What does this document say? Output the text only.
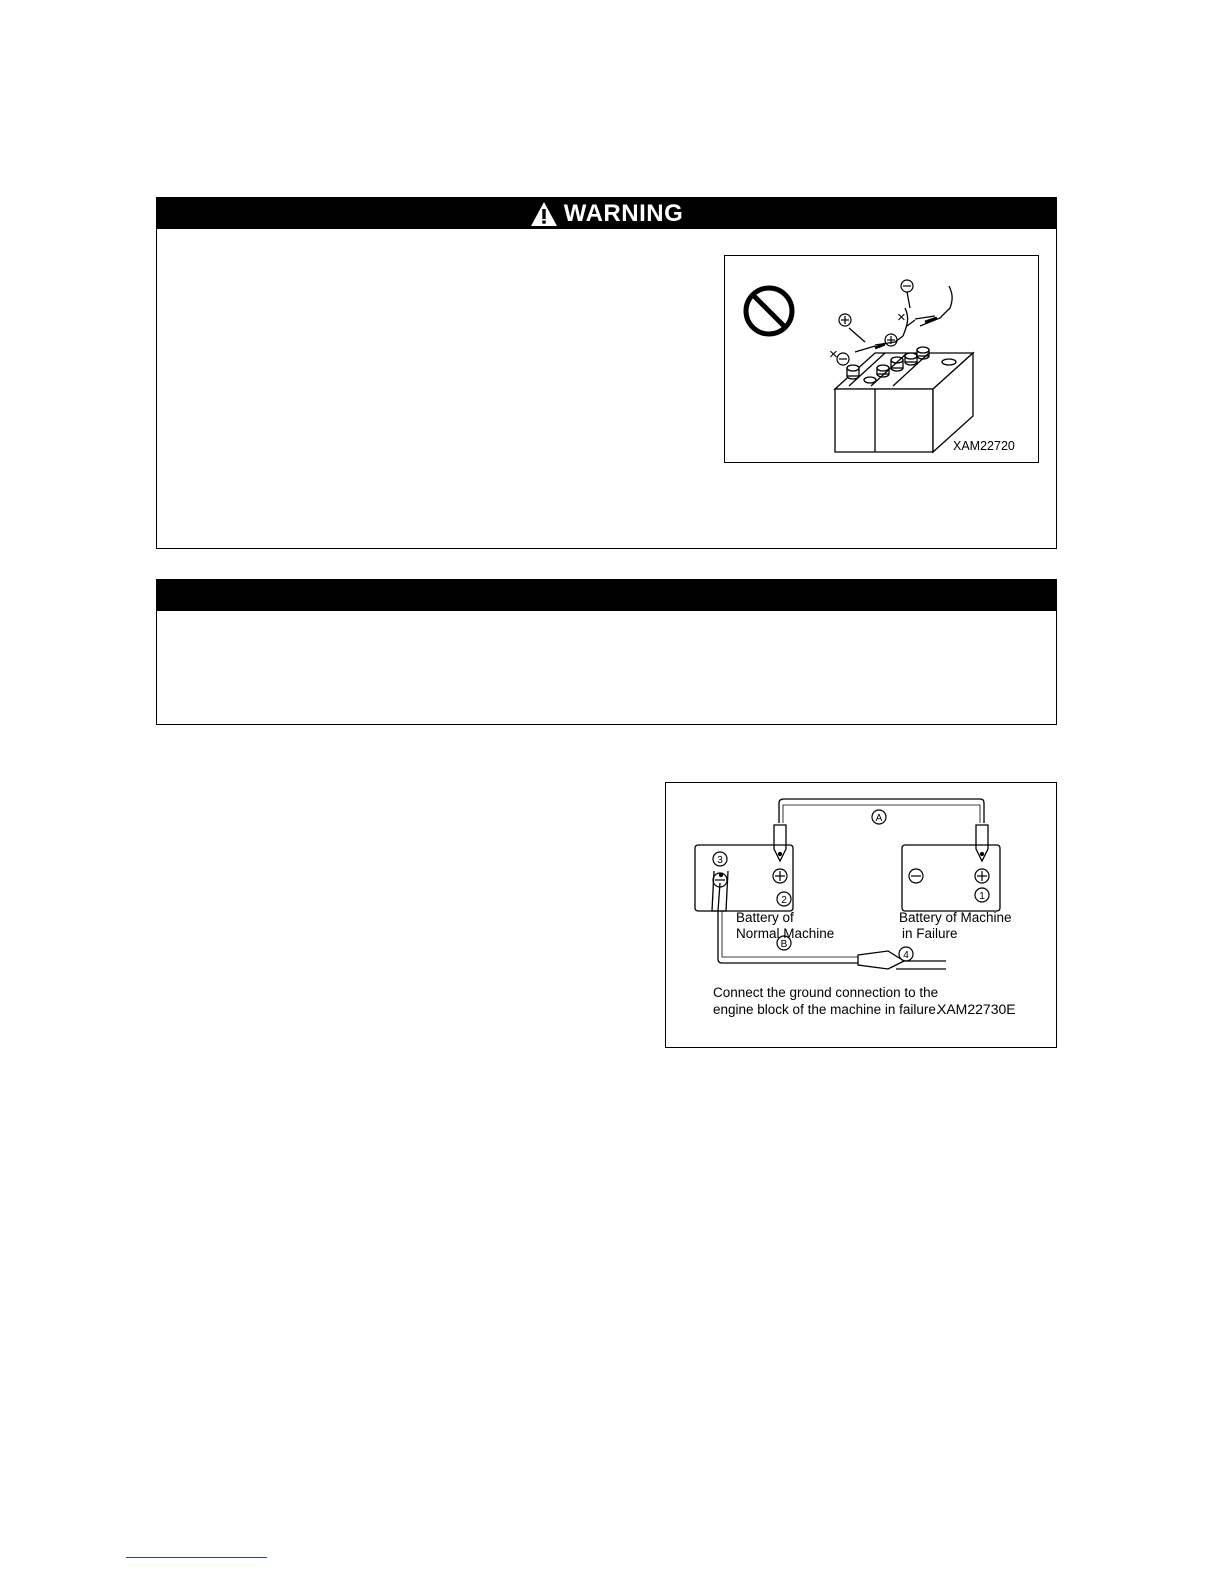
WARNING
×
×
XAM22720
A
B
3
2	1
4
Battery of
Normal Machine
Battery of Machine
in Failure
Connect the ground connection to the
engine block of the machine in failure.
XAM22730E
